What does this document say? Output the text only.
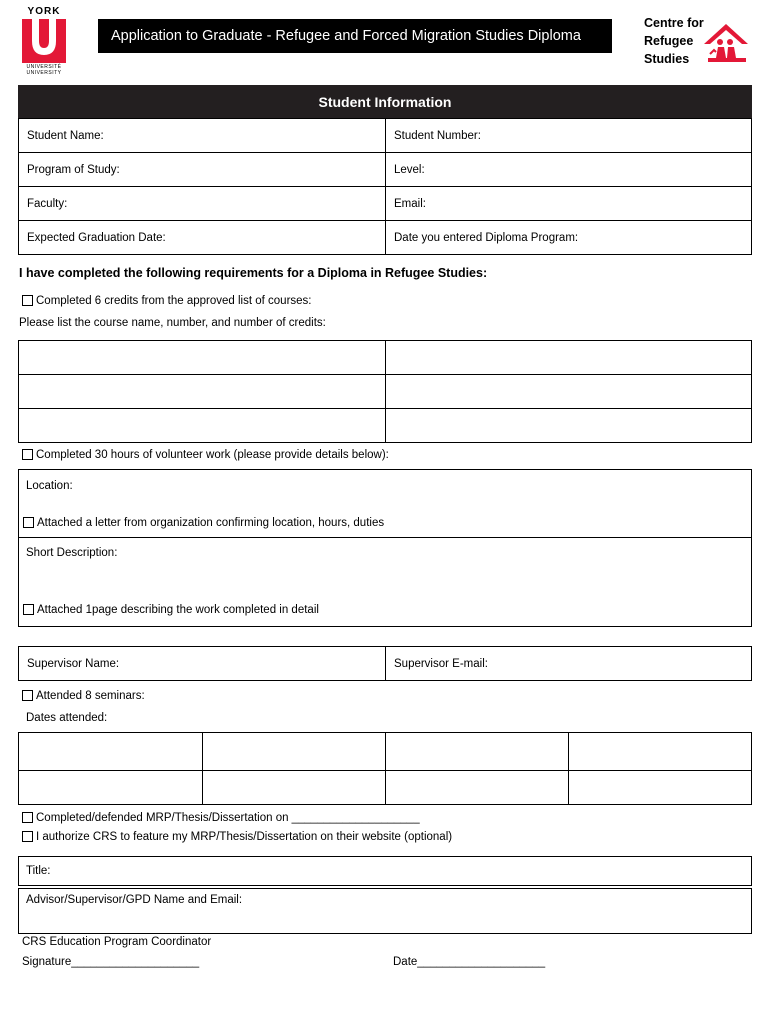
YORK
UNIVERSITÉ
UNIVERSITY
Application to Graduate - Refugee and Forced Migration Studies Diploma
Centre for
Refugee
Studies
Student Information
Student Name:	Student Number:
Program of Study:	Level:
Faculty:	Email:
Expected Graduation Date:	Date you entered Diploma Program:
I have completed the following requirements for a Diploma in Refugee Studies:
Completed 6 credits from the approved list of courses:
Please list the course name, number, and number of credits:

Completed 30 hours of volunteer work (please provide details below):
Location:
Attached a letter from organization confirming location, hours, duties
Short Description:
Attached 1page describing the work completed in detail
Supervisor Name:	Supervisor E-mail:
Attended 8 seminars:
Dates attended:

Completed/defended MRP/Thesis/Dissertation on ____________________
I authorize CRS to feature my MRP/Thesis/Dissertation on their website (optional)
Title:
Advisor/Supervisor/GPD Name and Email:
CRS Education Program Coordinator
Signature____________________	Date____________________
